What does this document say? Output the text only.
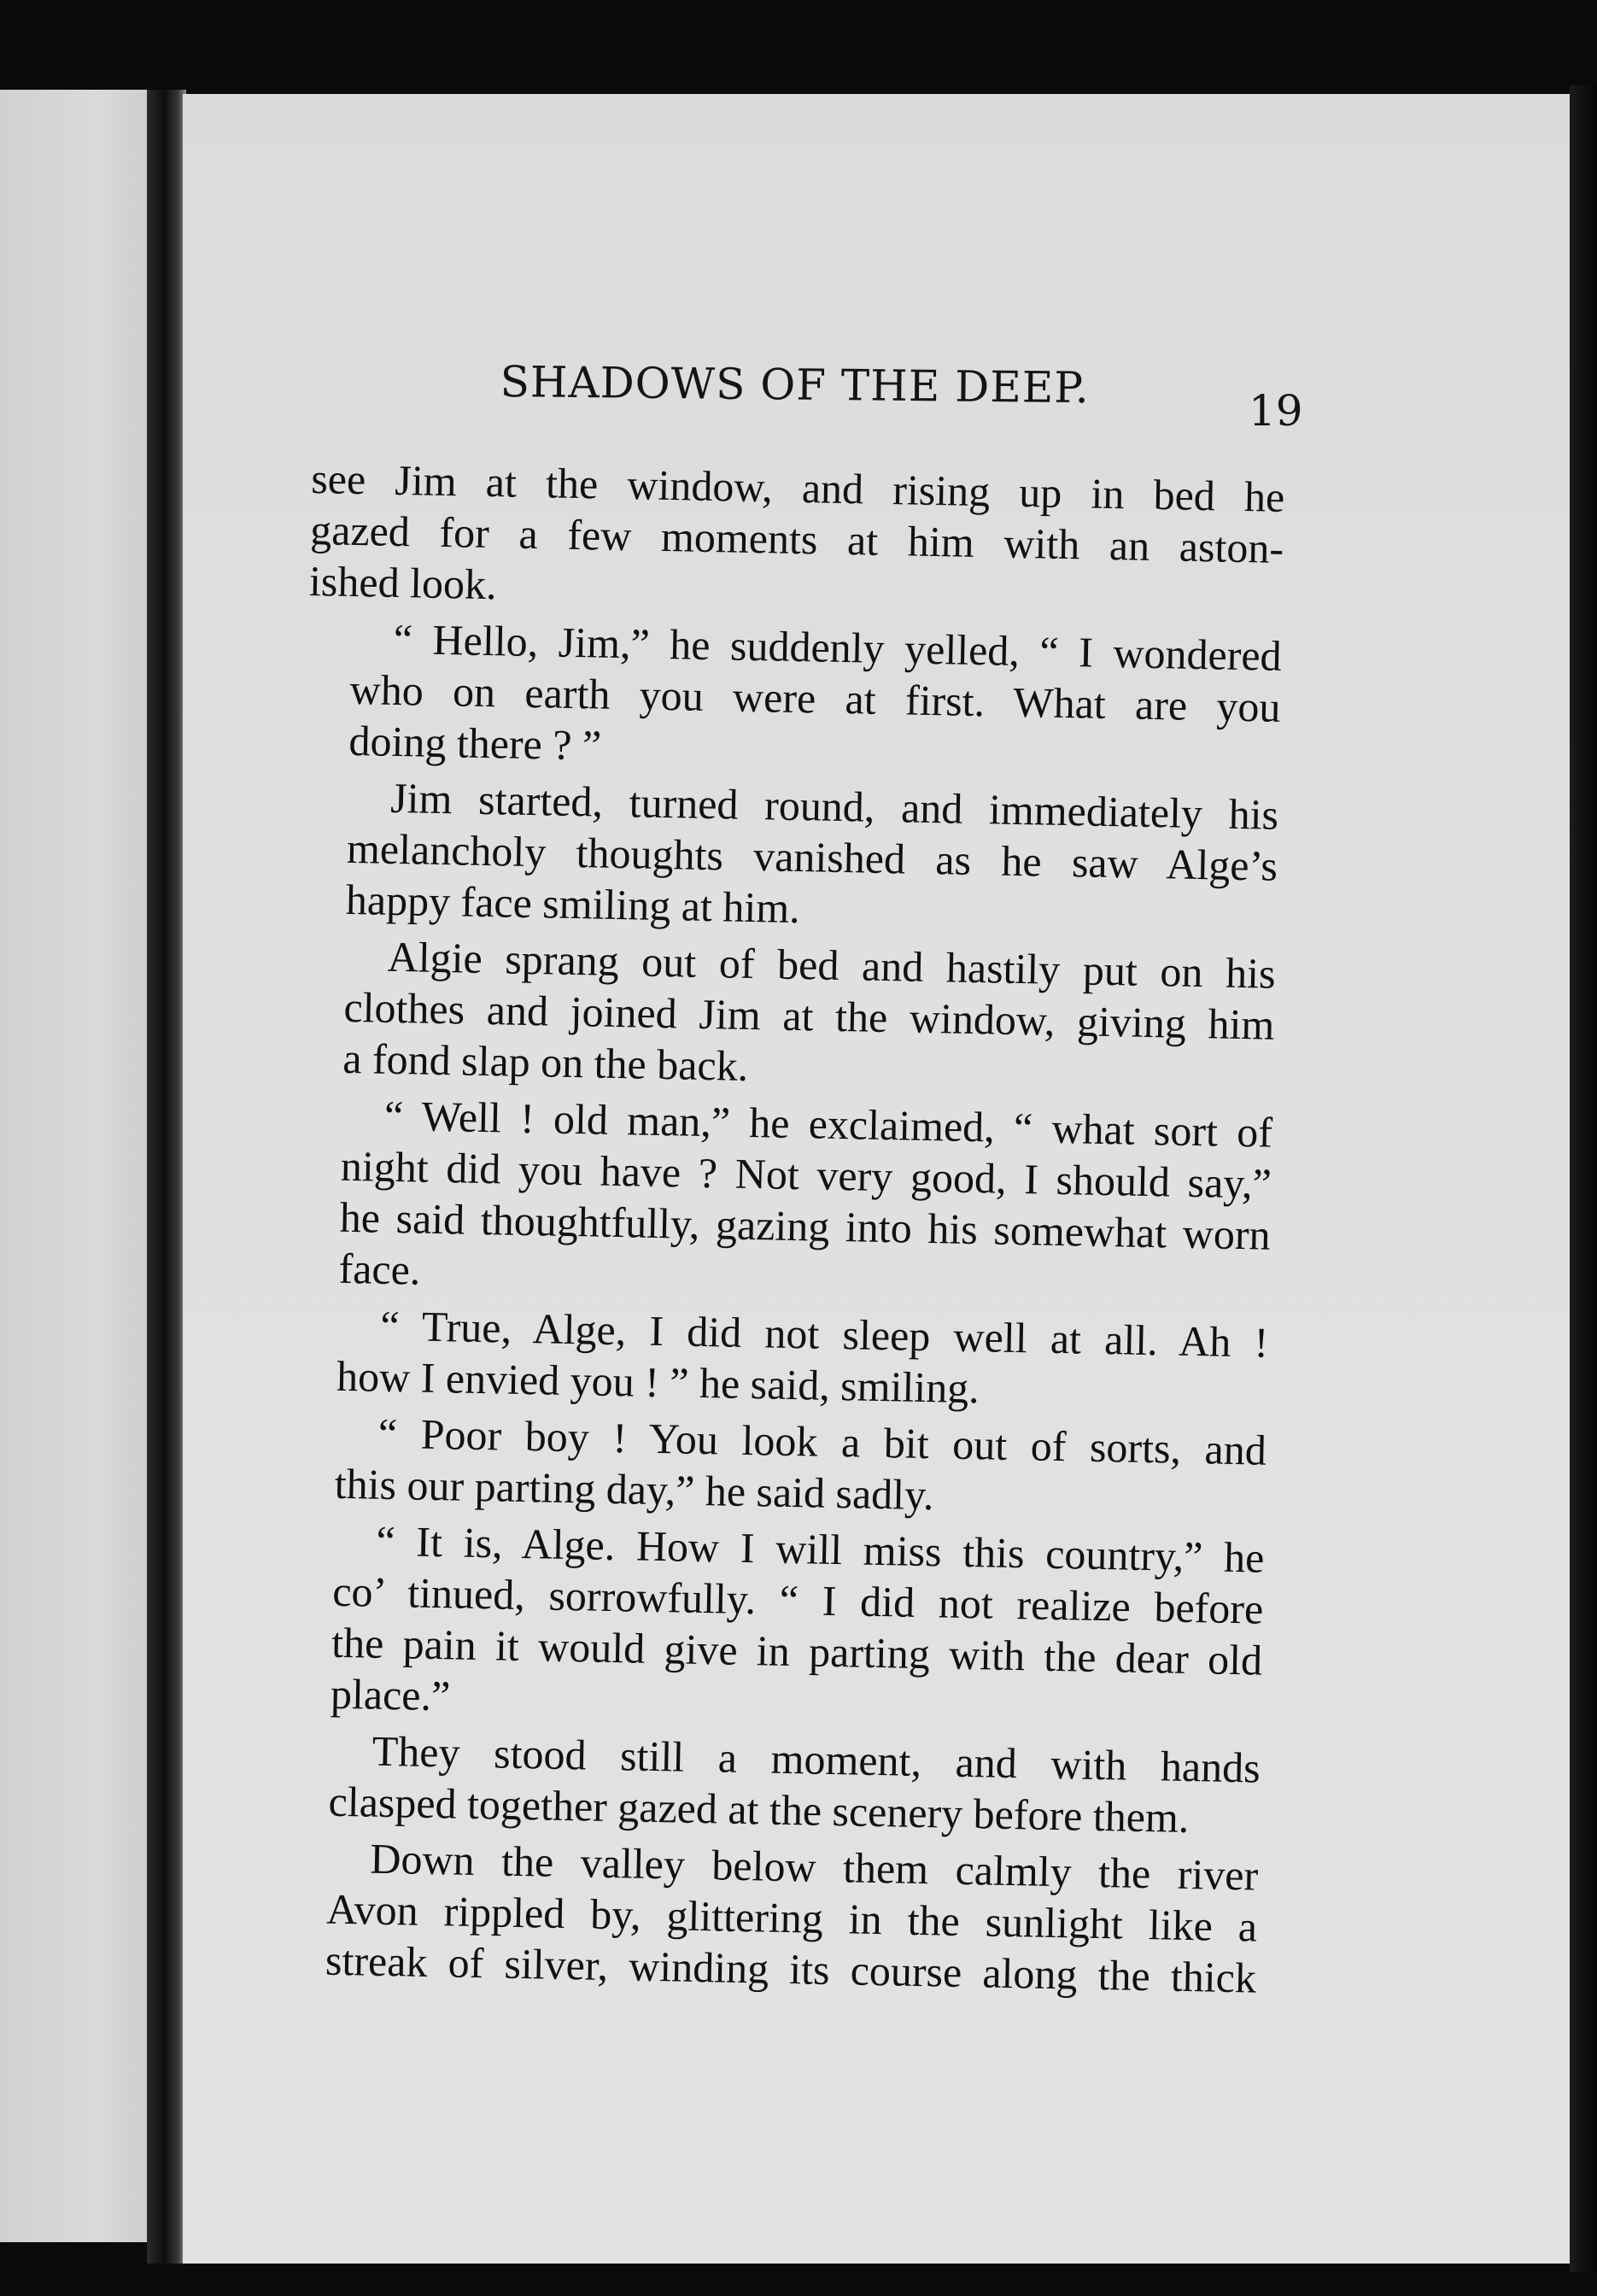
SHADOWS OF THE DEEP.	19
see Jim at the window, and rising up in bed he
gazed for a few moments at him with an aston-
ished look.
“ Hello, Jim,” he suddenly yelled, “ I wondered
who on earth you were at first. What are you
doing there ? ”
Jim started, turned round, and immediately his
melancholy thoughts vanished as he saw Alge’s
happy face smiling at him.
Algie sprang out of bed and hastily put on his
clothes and joined Jim at the window, giving him
a fond slap on the back.
“ Well ! old man,” he exclaimed, “ what sort of
night did you have ? Not very good, I should say,”
he said thoughtfully, gazing into his somewhat worn
face.
“ True, Alge, I did not sleep well at all. Ah !
how I envied you ! ” he said, smiling.
“ Poor boy ! You look a bit out of sorts, and
this our parting day,” he said sadly.
“ It is, Alge. How I will miss this country,” he
co’ tinued, sorrowfully. “ I did not realize before
the pain it would give in parting with the dear old
place.”
They stood still a moment, and with hands
clasped together gazed at the scenery before them.
Down the valley below them calmly the river
Avon rippled by, glittering in the sunlight like a
streak of silver, winding its course along the thick
